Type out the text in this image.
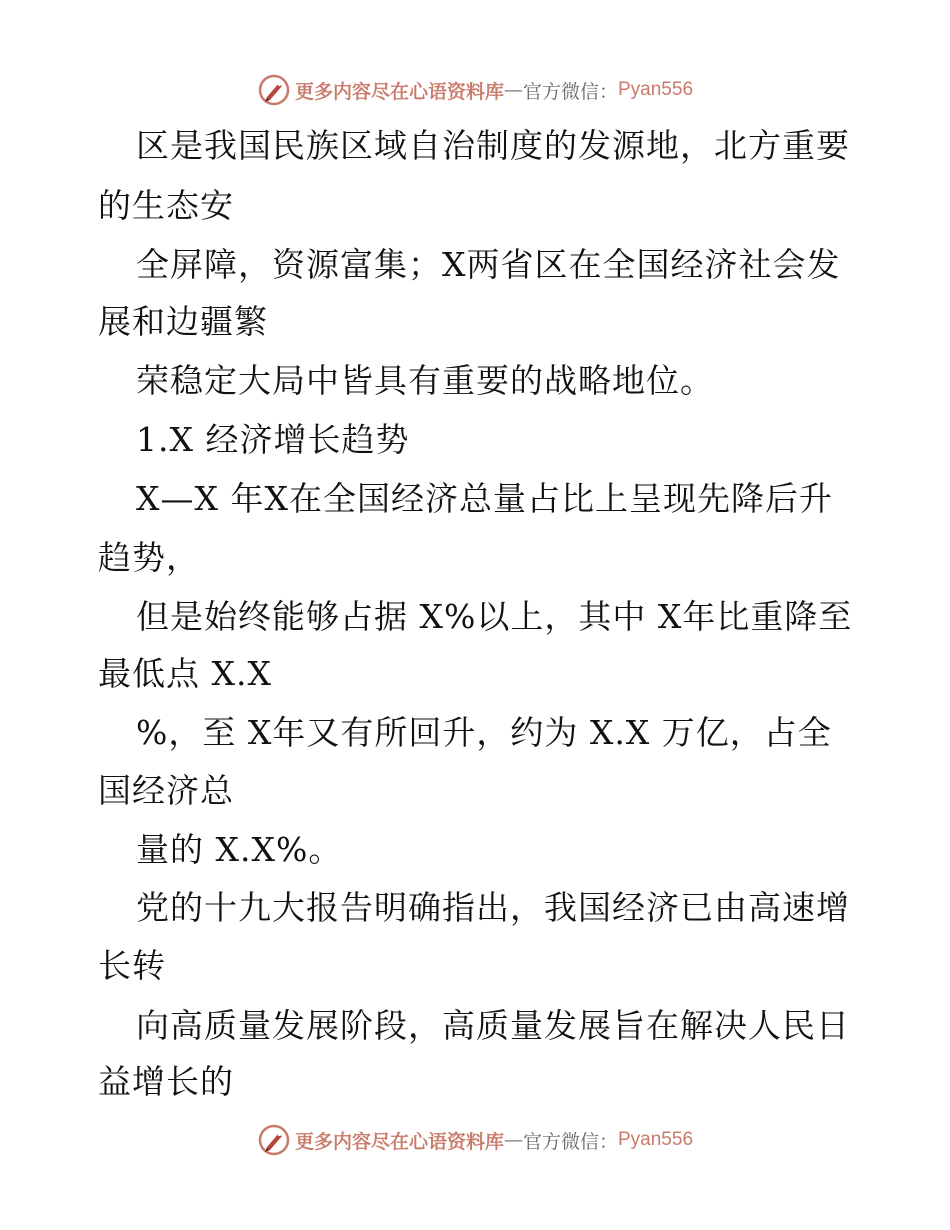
更多内容尽在心语资料库 — 官方微信： Pyan556
区是我国民族区域自治制度的发源地，北方重要
的生态安
全屏障，资源富集；X两省区在全国经济社会发
展和边疆繁
荣稳定大局中皆具有重要的战略地位。
1.X 经济增长趋势
X—X 年X在全国经济总量占比上呈现先降后升
趋势，
但是始终能够占据 X%以上，其中 X年比重降至
最低点 X.X
%，至 X年又有所回升，约为 X.X 万亿，占全
国经济总
量的 X.X%。
党的十九大报告明确指出，我国经济已由高速增
长转
向高质量发展阶段，高质量发展旨在解决人民日
益增长的
更多内容尽在心语资料库 — 官方微信： Pyan556
